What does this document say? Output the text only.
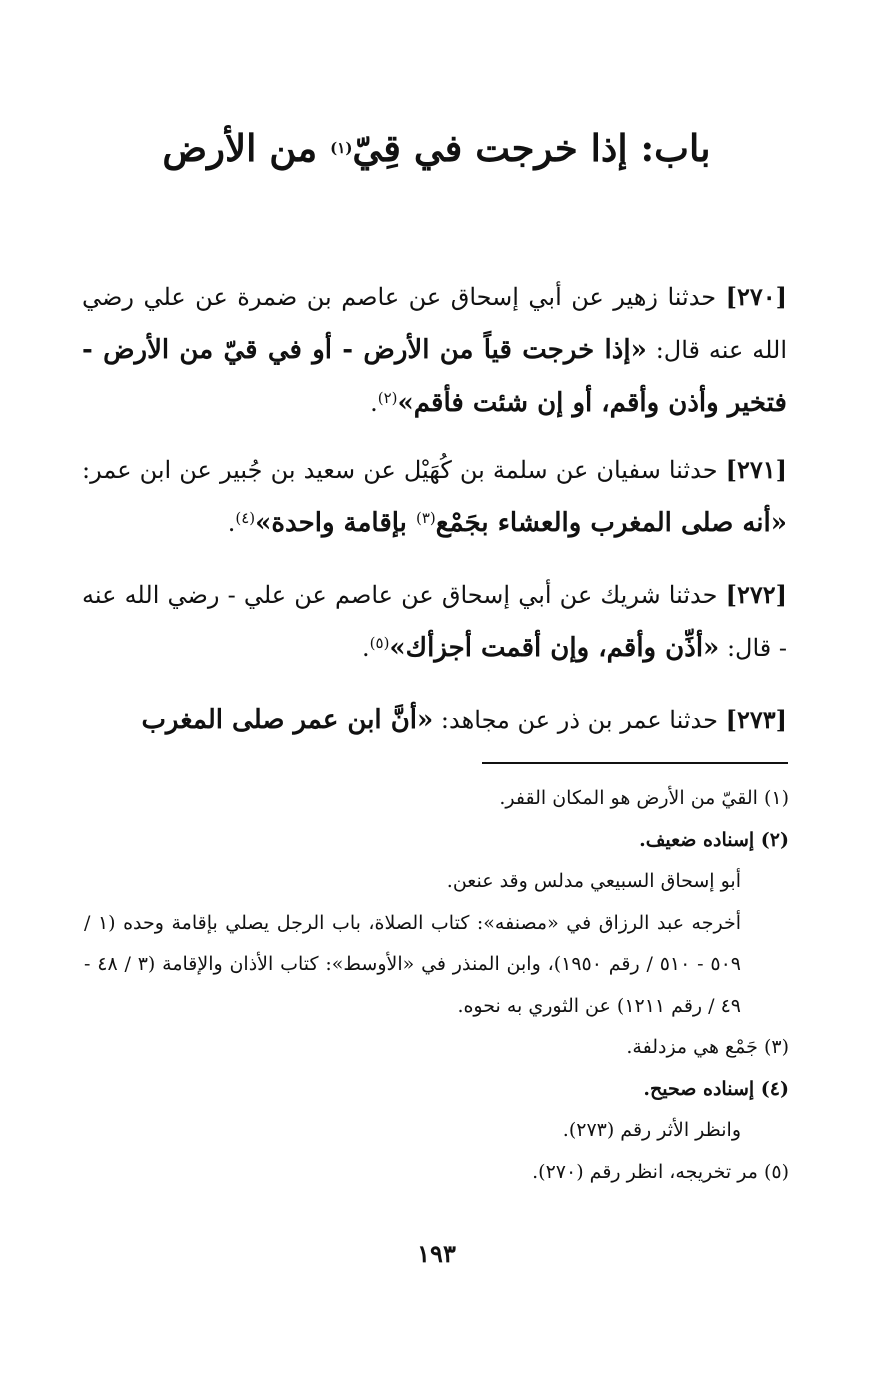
باب: إذا خرجت في قِيّ$^{(١)}$ من الأرض

[٢٧٠] حدثنا زهير عن أبي إسحاق عن عاصم بن ضمرة عن علي رضي الله عنه قال: «إذا خرجت قياً من الأرض - أو في قيّ من الأرض - فتخير وأذن وأقم، أو إن شئت فأقم»$^{(٢)}$.

[٢٧١] حدثنا سفيان عن سلمة بن كُهَيْل عن سعيد بن جُبير عن ابن عمر: «أنه صلى المغرب والعشاء بجَمْع$^{(٣)}$ بإقامة واحدة»$^{(٤)}$.

[٢٧٢] حدثنا شريك عن أبي إسحاق عن عاصم عن علي - رضي الله عنه - قال: «أذِّن وأقم، وإن أقمت أجزأك»$^{(٥)}$.

[٢٧٣] حدثنا عمر بن ذر عن مجاهد: «أنَّ ابن عمر صلى المغرب

(١) القيّ من الأرض هو المكان القفر.
(٢) إسناده ضعيف.
أبو إسحاق السبيعي مدلس وقد عنعن.
أخرجه عبد الرزاق في «مصنفه»: كتاب الصلاة، باب الرجل يصلي بإقامة وحده (١ / ٥٠٩ - ٥١٠ / رقم ١٩٥٠)، وابن المنذر في «الأوسط»: كتاب الأذان والإقامة (٣ / ٤٨ - ٤٩ / رقم ١٢١١) عن الثوري به نحوه.
(٣) جَمْع هي مزدلفة.
(٤) إسناده صحيح.
وانظر الأثر رقم (٢٧٣).
(٥) مر تخريجه، انظر رقم (٢٧٠).
١٩٣
